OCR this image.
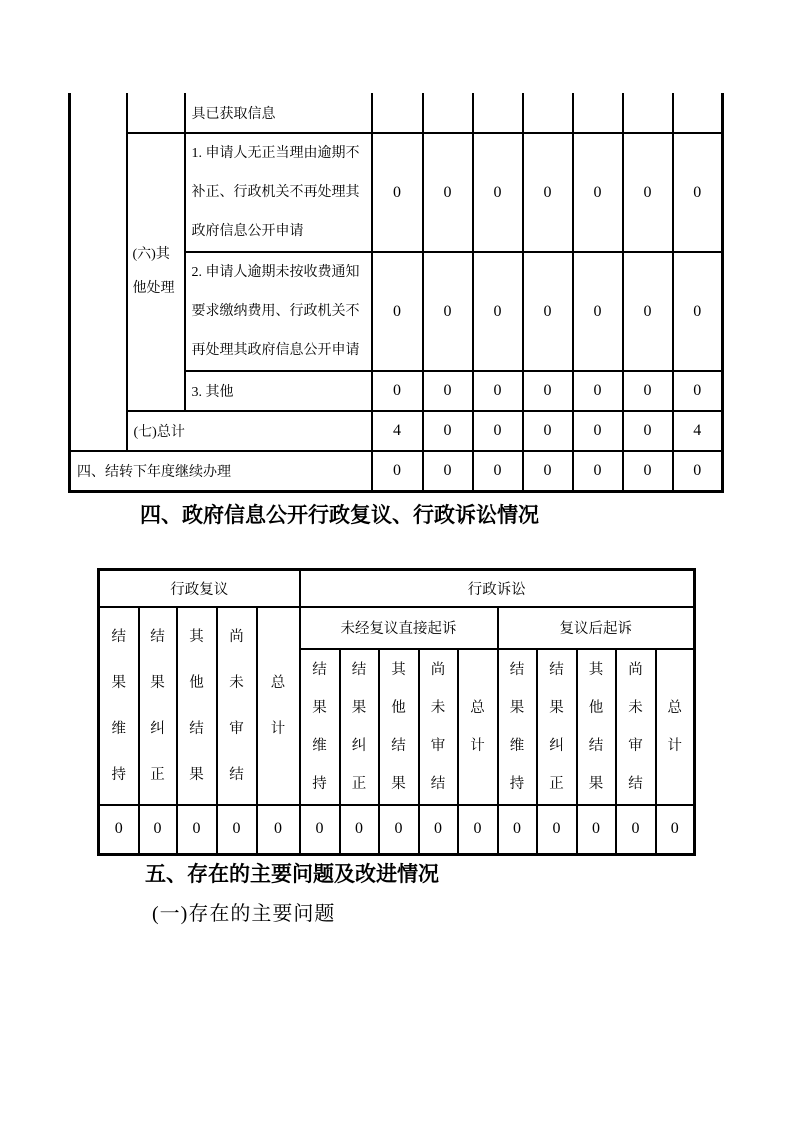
		具已获取信息							
	(六)其他处理	1. 申请人无正当理由逾期不补正、行政机关不再处理其政府信息公开申请	0	0	0	0	0	0	0
		2. 申请人逾期未按收费通知要求缴纳费用、行政机关不再处理其政府信息公开申请	0	0	0	0	0	0	0
		3. 其他	0	0	0	0	0	0	0
	(七)总计		4	0	0	0	0	0	4
四、结转下年度继续办理			0	0	0	0	0	0	0
四、政府信息公开行政复议、行政诉讼情况
行政复议					行政诉讼									

结果维持	结果纠正	其他结果	尚未审结	总计	未经复议直接起诉					复议后起诉				

					结果维持	结果纠正	其他结果	尚未审结	总计	结果维持	结果纠正	其他结果	尚未审结	总计

0	0	0	0	0	0	0	0	0	0	0	0	0	0	0
五、存在的主要问题及改进情况
(一)存在的主要问题
